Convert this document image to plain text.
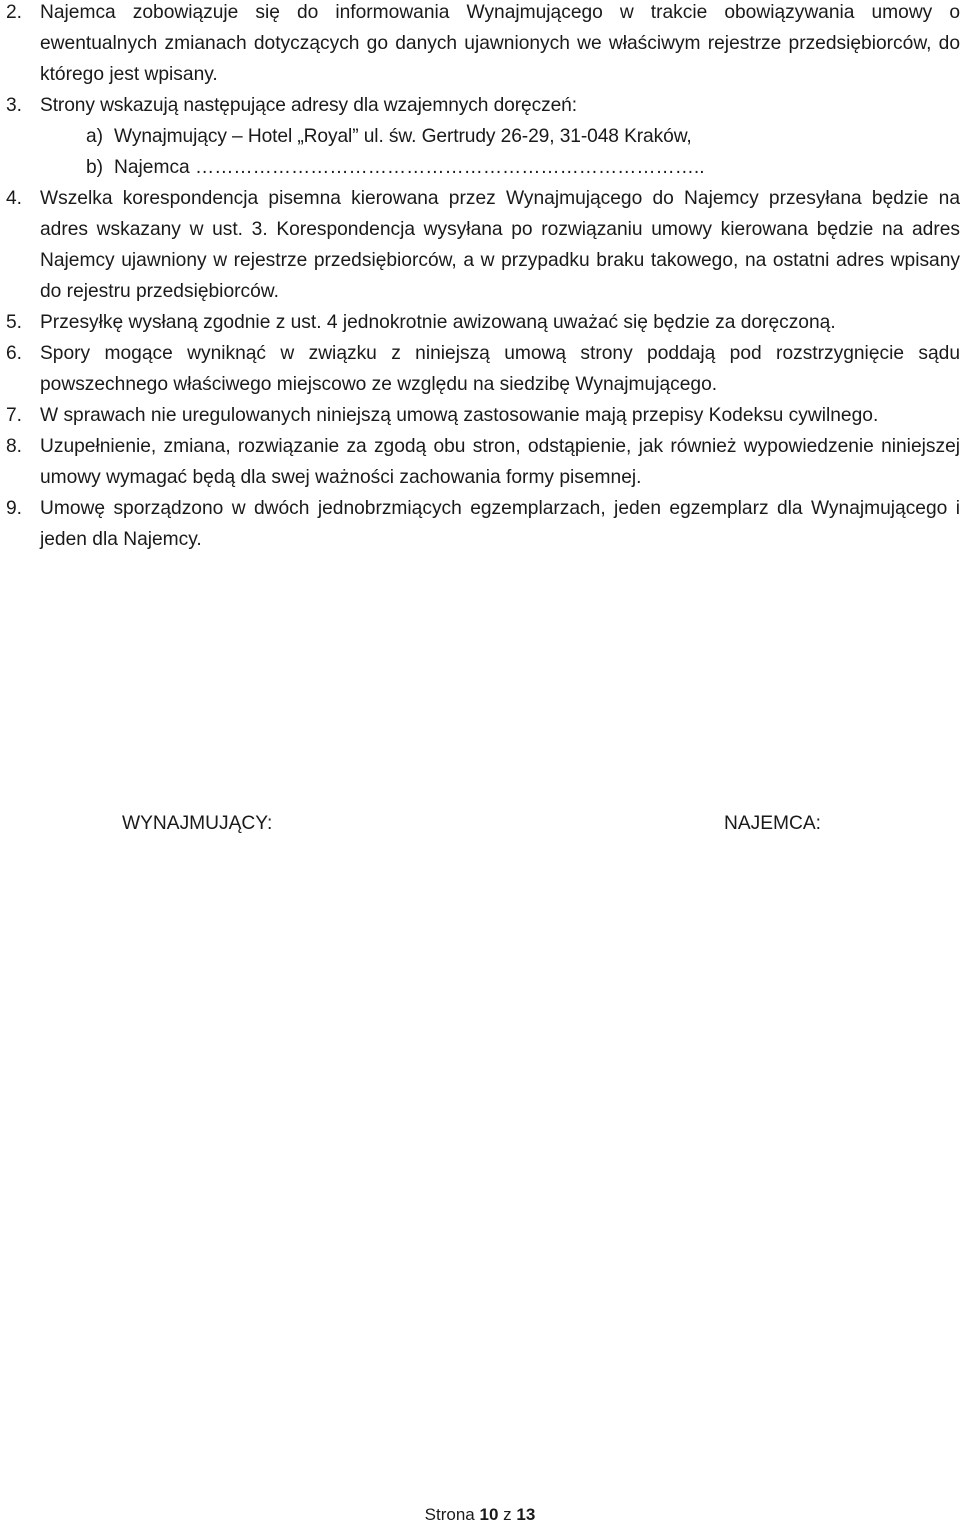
2. Najemca zobowiązuje się do informowania Wynajmującego w trakcie obowiązywania umowy o ewentualnych zmianach dotyczących go danych ujawnionych we właściwym rejestrze przedsiębiorców, do którego jest wpisany.
3. Strony wskazują następujące adresy dla wzajemnych doręczeń:
a) Wynajmujący – Hotel „Royal” ul. św. Gertrudy 26-29, 31-048 Kraków,
b) Najemca ……………………………………………………………………..
4. Wszelka korespondencja pisemna kierowana przez Wynajmującego do Najemcy przesyłana będzie na adres wskazany w ust. 3. Korespondencja wysyłana po rozwiązaniu umowy kierowana będzie na adres Najemcy ujawniony w rejestrze przedsiębiorców, a w przypadku braku takowego, na ostatni adres wpisany do rejestru przedsiębiorców.
5. Przesyłkę wysłaną zgodnie z ust. 4 jednokrotnie awizowaną uważać się będzie za doręczoną.
6. Spory mogące wyniknąć w związku z niniejszą umową strony poddają pod rozstrzygnięcie sądu powszechnego właściwego miejscowo ze względu na siedzibę Wynajmującego.
7. W sprawach nie uregulowanych niniejszą umową zastosowanie mają przepisy Kodeksu cywilnego.
8. Uzupełnienie, zmiana, rozwiązanie za zgodą obu stron, odstąpienie, jak również wypowiedzenie niniejszej umowy wymagać będą dla swej ważności zachowania formy pisemnej.
9. Umowę sporządzono w dwóch jednobrzmiących egzemplarzach, jeden egzemplarz dla Wynajmującego i jeden dla Najemcy.
WYNAJMUJĄCY:	NAJEMCA:
Strona 10 z 13
